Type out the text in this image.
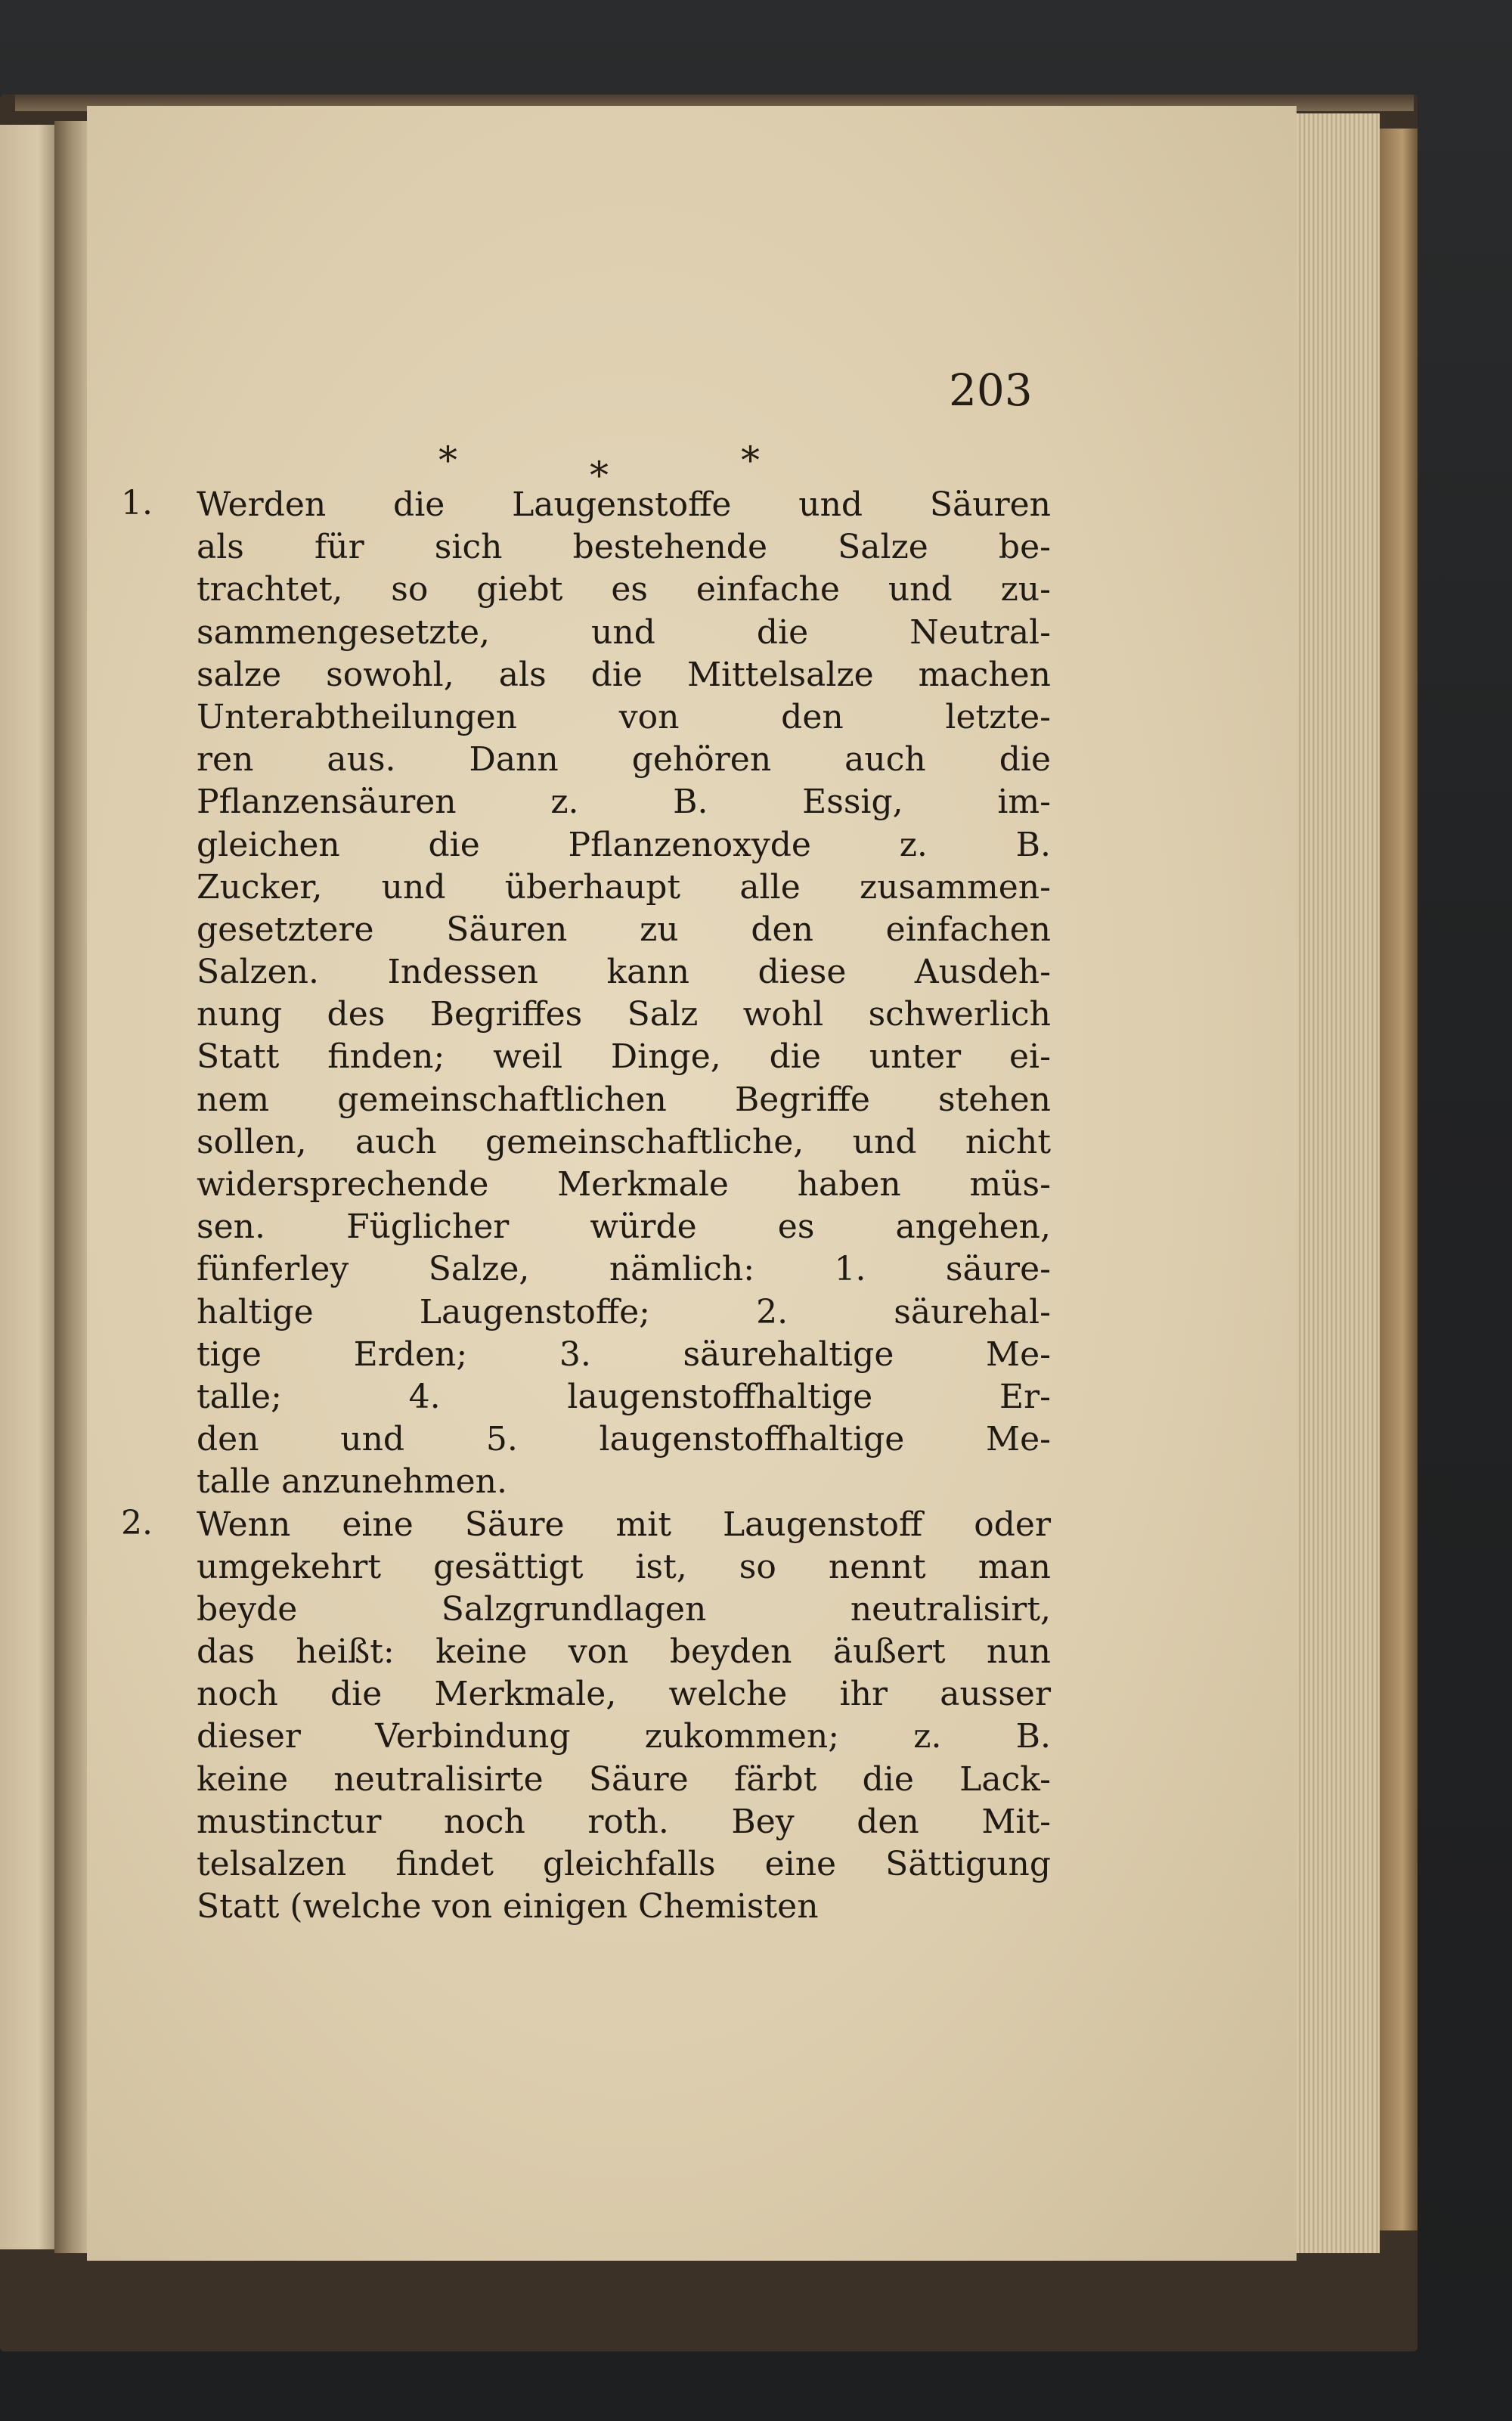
203
*	*	*
1. Werden die Laugenstoffe und Säuren
als für sich bestehende Salze be-
trachtet, so giebt es einfache und zu-
sammengesetzte, und die Neutral-
salze sowohl, als die Mittelsalze machen
Unterabtheilungen von den letzte-
ren aus. Dann gehören auch die
Pflanzensäuren z. B. Essig, im-
gleichen die Pflanzenoxyde z. B.
Zucker, und überhaupt alle zusammen-
gesetztere Säuren zu den einfachen
Salzen. Indessen kann diese Ausdeh-
nung des Begriffes Salz wohl schwerlich
Statt finden; weil Dinge, die unter ei-
nem gemeinschaftlichen Begriffe stehen
sollen, auch gemeinschaftliche, und nicht
widersprechende Merkmale haben müs-
sen. Füglicher würde es angehen,
fünferley Salze, nämlich: 1. säure-
haltige Laugenstoffe; 2. säurehal-
tige Erden; 3. säurehaltige Me-
talle; 4. laugenstoffhaltige Er-
den und 5. laugenstoffhaltige Me-
talle anzunehmen.
2. Wenn eine Säure mit Laugenstoff oder
umgekehrt gesättigt ist, so nennt man
beyde Salzgrundlagen neutralisirt,
das heißt: keine von beyden äußert nun
noch die Merkmale, welche ihr ausser
dieser Verbindung zukommen; z. B.
keine neutralisirte Säure färbt die Lack-
mustinctur noch roth. Bey den Mit-
telsalzen findet gleichfalls eine Sättigung
Statt (welche von einigen Chemisten
